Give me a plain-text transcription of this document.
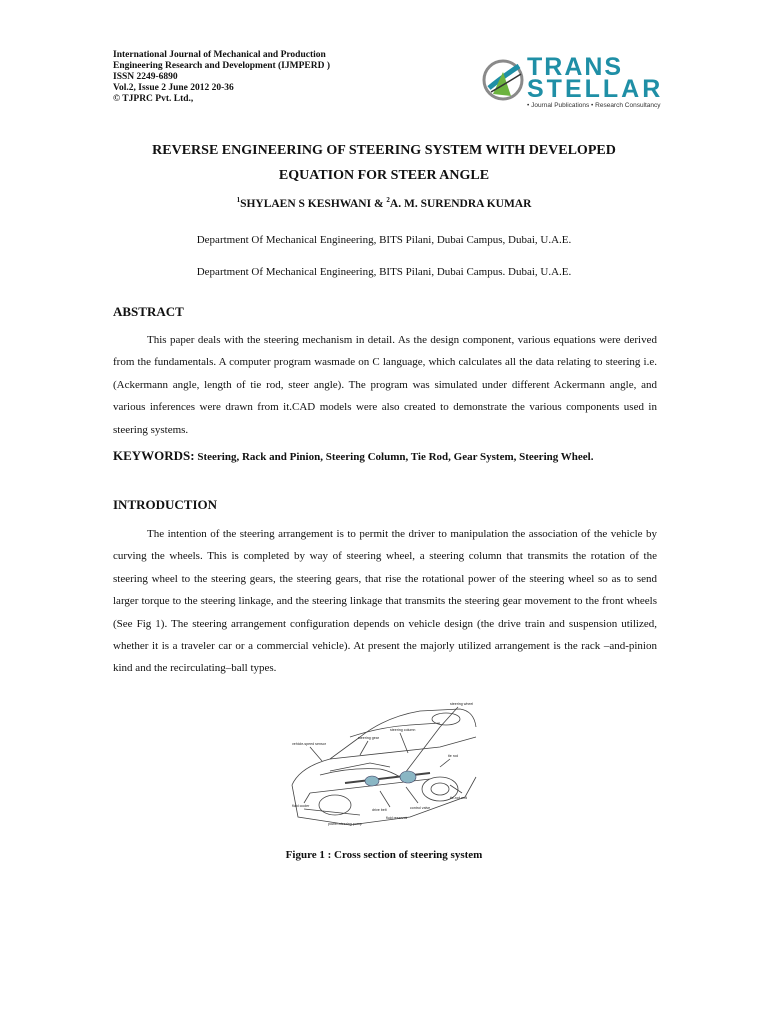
International Journal of Mechanical and Production
Engineering Research and Development (IJMPERD )
ISSN 2249-6890
Vol.2, Issue 2 June 2012 20-36
© TJPRC Pvt. Ltd.,
TRANS
STELLAR
• Journal Publications • Research Consultancy
REVERSE ENGINEERING OF STEERING SYSTEM WITH DEVELOPED
EQUATION FOR STEER ANGLE
$^1$SHYLAEN S KESHWANI & $^2$A. M. SURENDRA KUMAR
Department Of Mechanical Engineering, BITS Pilani, Dubai Campus, Dubai, U.A.E.
Department Of Mechanical Engineering, BITS Pilani, Dubai Campus. Dubai, U.A.E.
ABSTRACT

This paper deals with the steering mechanism in detail. As the design component, various equations were derived from the fundamentals. A computer program wasmade on C language, which calculates all the data relating to steering i.e. (Ackermann angle, length of tie rod, steer angle). The program was simulated under different Ackermann angle, and various inferences were drawn from it.CAD models were also created to demonstrate the various components used in steering systems.

KEYWORDS: Steering, Rack and Pinion, Steering Column, Tie Rod, Gear System, Steering Wheel.
INTRODUCTION

The intention of the steering arrangement is to permit the driver to manipulation the association of the vehicle by curving the wheels. This is completed by way of steering wheel, a steering column that transmits the rotation of the steering wheel to the steering gears, the steering gears, that rise the rotational power of the steering wheel so as to send larger torque to the steering linkage, and the steering linkage that transmits the steering gear movement to the front wheels (See Fig 1). The steering arrangement configuration depends on vehicle design (the drive train and suspension utilized, whether it is a traveler car or a commercial vehicle). At present the majorly utilized arrangement is the rack –and-pinion kind and the recirculating–ball types.

steering wheel
steering column
steering gear
vehicle-speed sensor
tie rod
fluid cooler
drive belt
power-steering pump
fluid reservoir
control valve
tie-rod end
Figure 1 : Cross section of steering system
